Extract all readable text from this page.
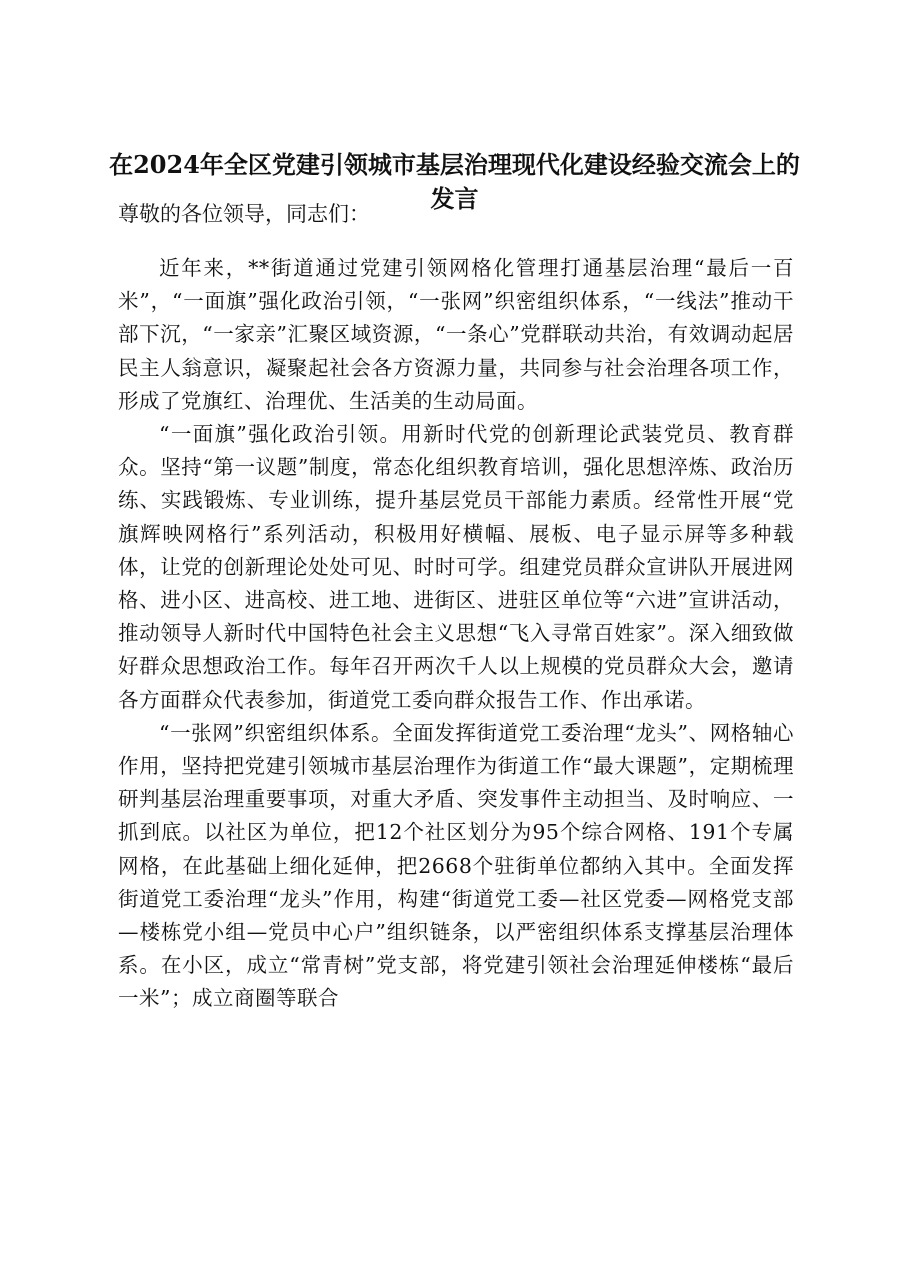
在2024年全区党建引领城市基层治理现代化建设经验交流会上的发言

尊敬的各位领导，同志们：

近年来，**街道通过党建引领网格化管理打通基层治理“最后一百米”，“一面旗”强化政治引领，“一张网”织密组织体系，“一线法”推动干部下沉，“一家亲”汇聚区域资源，“一条心”党群联动共治，有效调动起居民主人翁意识，凝聚起社会各方资源力量，共同参与社会治理各项工作，形成了党旗红、治理优、生活美的生动局面。

“一面旗”强化政治引领。用新时代党的创新理论武装党员、教育群众。坚持“第一议题”制度，常态化组织教育培训，强化思想淬炼、政治历练、实践锻炼、专业训练，提升基层党员干部能力素质。经常性开展“党旗辉映网格行”系列活动，积极用好横幅、展板、电子显示屏等多种载体，让党的创新理论处处可见、时时可学。组建党员群众宣讲队开展进网格、进小区、进高校、进工地、进街区、进驻区单位等“六进”宣讲活动，推动领导人新时代中国特色社会主义思想“飞入寻常百姓家”。深入细致做好群众思想政治工作。每年召开两次千人以上规模的党员群众大会，邀请各方面群众代表参加，街道党工委向群众报告工作、作出承诺。

“一张网”织密组织体系。全面发挥街道党工委治理“龙头”、网格轴心作用，坚持把党建引领城市基层治理作为街道工作“最大课题”，定期梳理研判基层治理重要事项，对重大矛盾、突发事件主动担当、及时响应、一抓到底。以社区为单位，把12个社区划分为95个综合网格、191个专属网格，在此基础上细化延伸，把2668个驻街单位都纳入其中。全面发挥街道党工委治理“龙头”作用，构建“街道党工委—社区党委—网格党支部—楼栋党小组—党员中心户”组织链条，以严密组织体系支撑基层治理体系。在小区，成立“常青树”党支部，将党建引领社会治理延伸楼栋“最后一米”；成立商圈等联合
